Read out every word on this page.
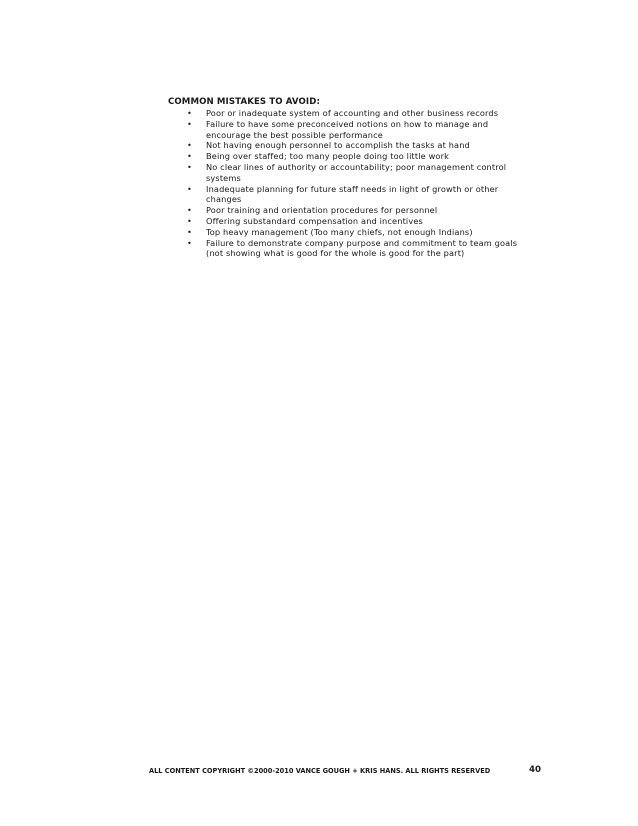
COMMON MISTAKES TO AVOID:

• Poor or inadequate system of accounting and other business records
• Failure to have some preconceived notions on how to manage and
encourage the best possible performance
• Not having enough personnel to accomplish the tasks at hand
• Being over staffed; too many people doing too little work
• No clear lines of authority or accountability; poor management control
systems
• Inadequate planning for future staff needs in light of growth or other
changes
• Poor training and orientation procedures for personnel
• Offering substandard compensation and incentives
• Top heavy management (Too many chiefs, not enough Indians)
• Failure to demonstrate company purpose and commitment to team goals
(not showing what is good for the whole is good for the part)
ALL CONTENT COPYRIGHT ©2000-2010 VANCE GOUGH + KRIS HANS. ALL RIGHTS RESERVED	40
